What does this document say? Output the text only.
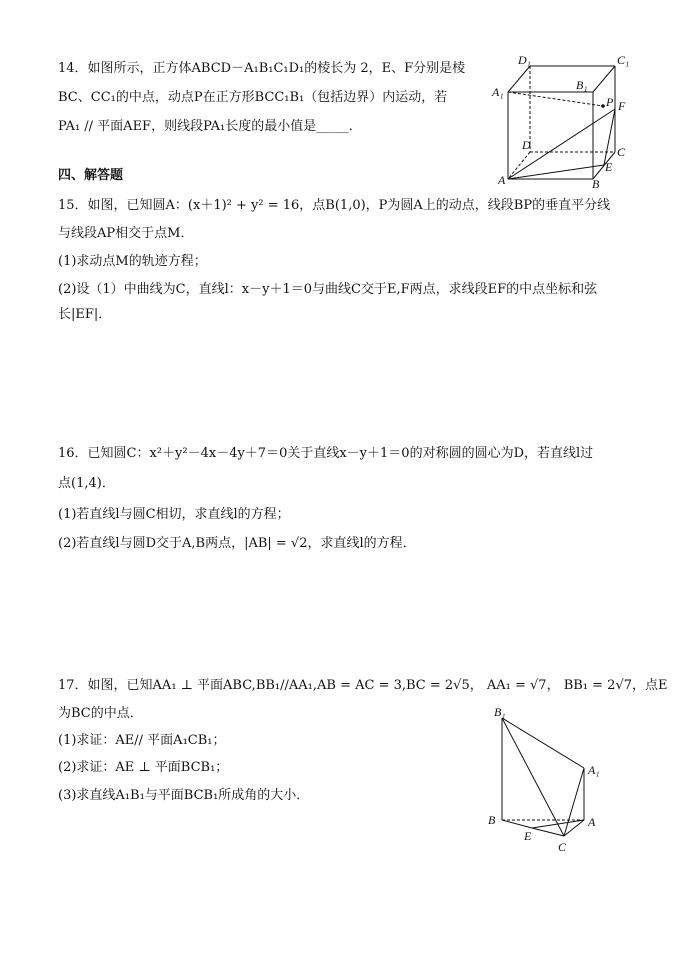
14．如图所示，正方体ABCD－A₁B₁C₁D₁的棱长为 2，E、F分别是棱
BC、CC₁的中点，动点P在正方形BCC₁B₁（包括边界）内运动，若
PA₁ // 平面AEF，则线段PA₁长度的最小值是_____．
D₁	C₁
A₁	B₁
P F
D	C
E
A	B
四、解答题
15．如图，已知圆A：(x＋1)² + y² = 16，点B(1,0)，P为圆A上的动点，线段BP的垂直平分线
与线段AP相交于点M．
(1)求动点M的轨迹方程；
(2)设（1）中曲线为C，直线l：x－y＋1＝0与曲线C交于E,F两点，求线段EF的中点坐标和弦
长|EF|．
16．已知圆C：x²＋y²－4x－4y＋7＝0关于直线x－y＋1＝0的对称圆的圆心为D，若直线l过
点(1,4)．
(1)若直线l与圆C相切，求直线l的方程；
(2)若直线l与圆D交于A,B两点，|AB| = √2，求直线l的方程．
17．如图，已知AA₁ ⊥ 平面ABC,BB₁//AA₁,AB = AC = 3,BC = 2√5， AA₁ = √7， BB₁ = 2√7，点E
为BC的中点．
(1)求证：AE// 平面A₁CB₁；
(2)求证：AE ⊥ 平面BCB₁；
(3)求直线A₁B₁与平面BCB₁所成角的大小．
B₁
A₁
B
E
A
C
